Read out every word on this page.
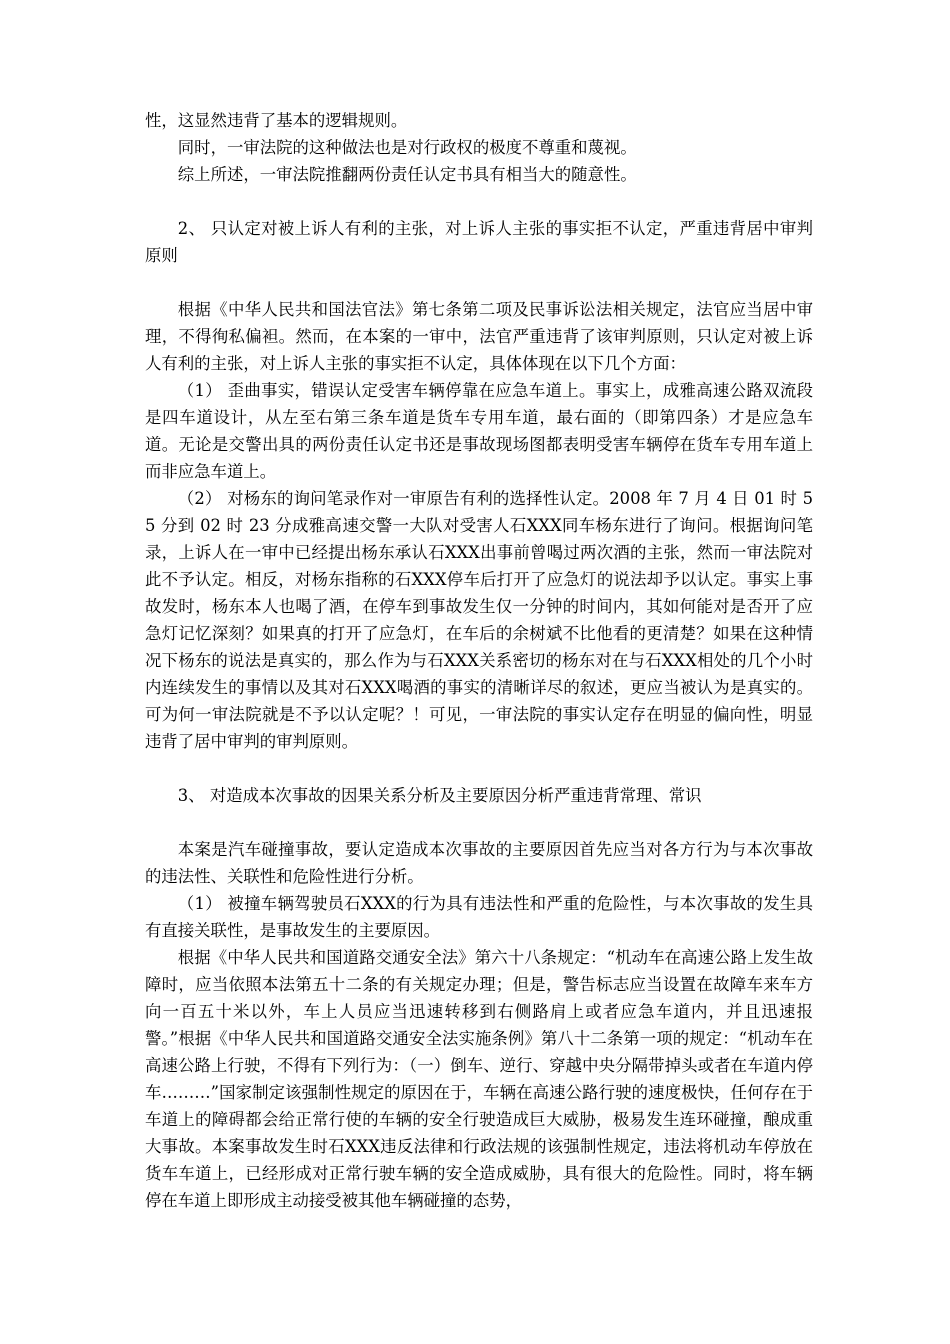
性，这显然违背了基本的逻辑规则。

同时，一审法院的这种做法也是对行政权的极度不尊重和蔑视。

综上所述，一审法院推翻两份责任认定书具有相当大的随意性。

2、 只认定对被上诉人有利的主张，对上诉人主张的事实拒不认定，严重违背居中审判原则

根据《中华人民共和国法官法》第七条第二项及民事诉讼法相关规定，法官应当居中审理，不得徇私偏袒。然而，在本案的一审中，法官严重违背了该审判原则，只认定对被上诉人有利的主张，对上诉人主张的事实拒不认定，具体体现在以下几个方面：

（1） 歪曲事实，错误认定受害车辆停靠在应急车道上。事实上，成雅高速公路双流段是四车道设计，从左至右第三条车道是货车专用车道，最右面的（即第四条）才是应急车道。无论是交警出具的两份责任认定书还是事故现场图都表明受害车辆停在货车专用车道上而非应急车道上。

（2） 对杨东的询问笔录作对一审原告有利的选择性认定。2008 年 7 月 4 日 01 时 55 分到 02 时 23 分成雅高速交警一大队对受害人石XXX同车杨东进行了询问。根据询问笔录，上诉人在一审中已经提出杨东承认石XXX出事前曾喝过两次酒的主张，然而一审法院对此不予认定。相反，对杨东指称的石XXX停车后打开了应急灯的说法却予以认定。事实上事故发时，杨东本人也喝了酒，在停车到事故发生仅一分钟的时间内，其如何能对是否开了应急灯记忆深刻？如果真的打开了应急灯，在车后的余树斌不比他看的更清楚？如果在这种情况下杨东的说法是真实的，那么作为与石XXX关系密切的杨东对在与石XXX相处的几个小时内连续发生的事情以及其对石XXX喝酒的事实的清晰详尽的叙述，更应当被认为是真实的。可为何一审法院就是不予以认定呢？！可见，一审法院的事实认定存在明显的偏向性，明显违背了居中审判的审判原则。

3、 对造成本次事故的因果关系分析及主要原因分析严重违背常理、常识

本案是汽车碰撞事故，要认定造成本次事故的主要原因首先应当对各方行为与本次事故的违法性、关联性和危险性进行分析。

（1） 被撞车辆驾驶员石XXX的行为具有违法性和严重的危险性，与本次事故的发生具有直接关联性，是事故发生的主要原因。

根据《中华人民共和国道路交通安全法》第六十八条规定：“机动车在高速公路上发生故障时，应当依照本法第五十二条的有关规定办理；但是，警告标志应当设置在故障车来车方向一百五十米以外，车上人员应当迅速转移到右侧路肩上或者应急车道内，并且迅速报警。”根据《中华人民共和国道路交通安全法实施条例》第八十二条第一项的规定：“机动车在高速公路上行驶，不得有下列行为：（一）倒车、逆行、穿越中央分隔带掉头或者在车道内停车………”国家制定该强制性规定的原因在于，车辆在高速公路行驶的速度极快，任何存在于车道上的障碍都会给正常行使的车辆的安全行驶造成巨大威胁，极易发生连环碰撞，酿成重大事故。本案事故发生时石XXX违反法律和行政法规的该强制性规定，违法将机动车停放在货车车道上，已经形成对正常行驶车辆的安全造成威胁，具有很大的危险性。同时，将车辆停在车道上即形成主动接受被其他车辆碰撞的态势，
